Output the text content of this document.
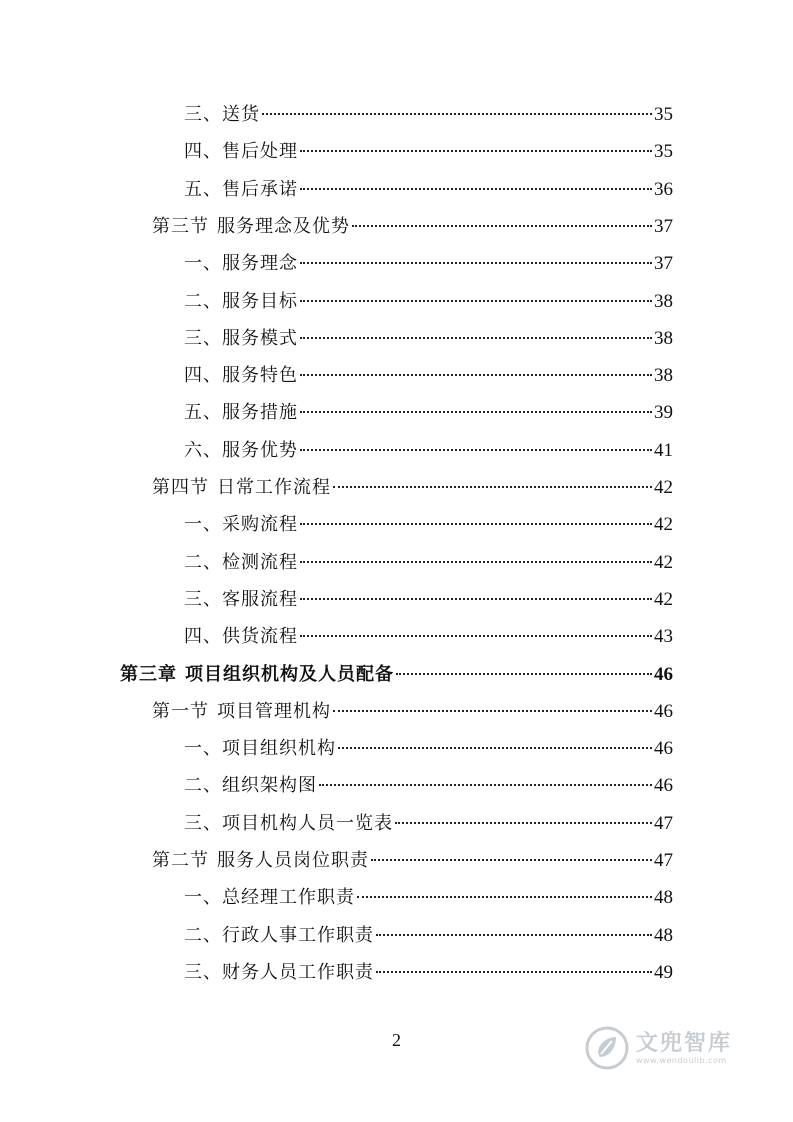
三、送货	35
四、售后处理	35
五、售后承诺	36
第三节 服务理念及优势	37
一、服务理念	37
二、服务目标	38
三、服务模式	38
四、服务特色	38
五、服务措施	39
六、服务优势	41
第四节 日常工作流程	42
一、采购流程	42
二、检测流程	42
三、客服流程	42
四、供货流程	43
第三章 项目组织机构及人员配备	46
第一节 项目管理机构	46
一、项目组织机构	46
二、组织架构图	46
三、项目机构人员一览表	47
第二节 服务人员岗位职责	47
一、总经理工作职责	48
二、行政人事工作职责	48
三、财务人员工作职责	49
2	文兜智库
www.wendoulib.com
